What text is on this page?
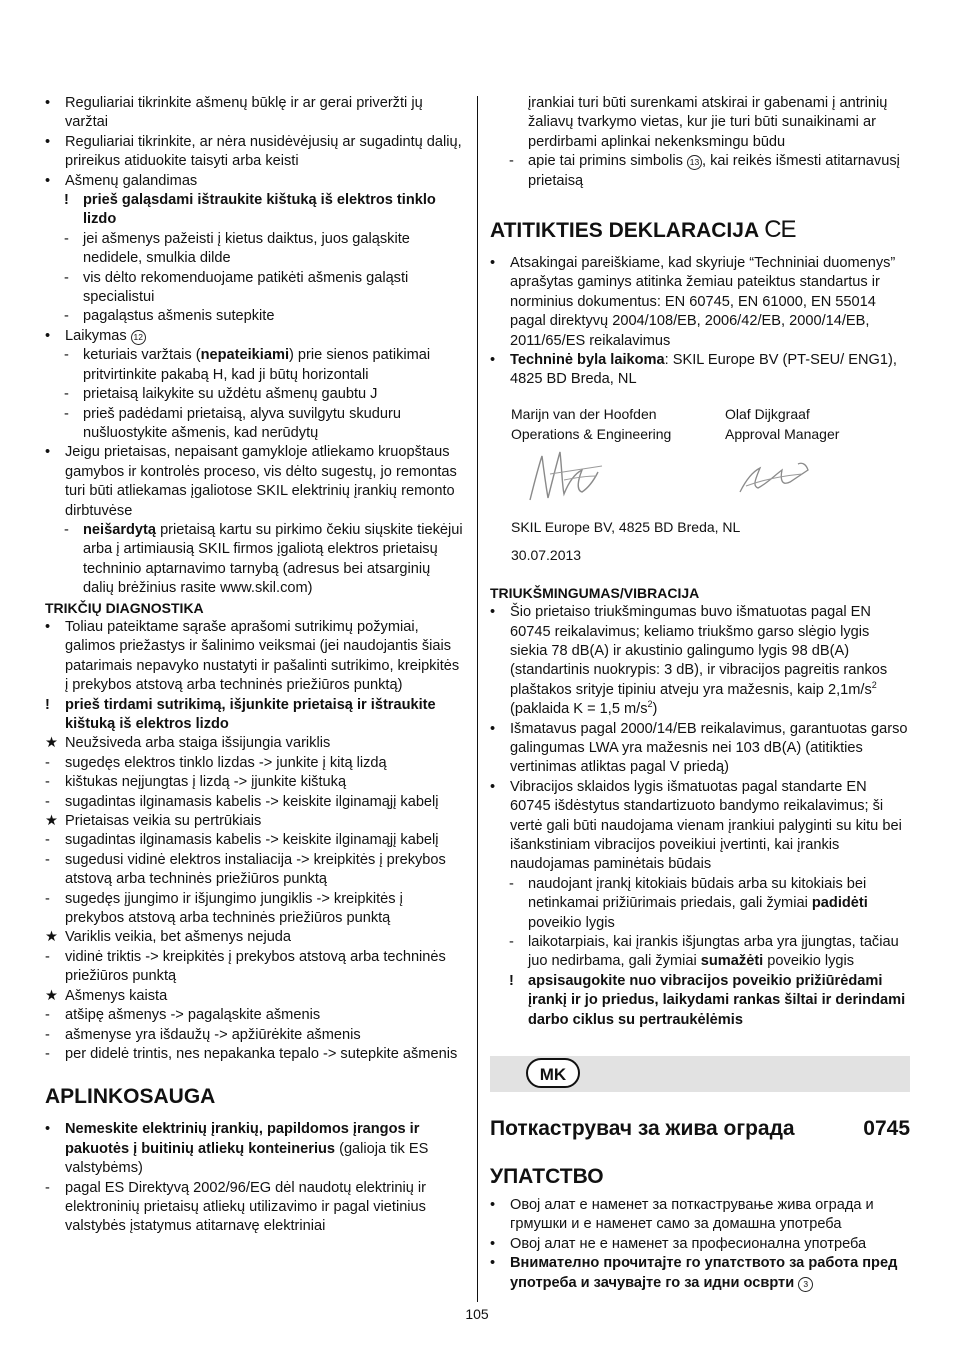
•	Reguliariai tikrinkite ašmenų būklę ir ar gerai priveržti jų varžtai
•	Reguliariai tikrinkite, ar nėra nusidėvėjusių ar sugadintų dalių, prireikus atiduokite taisyti arba keisti
•	Ašmenų galandimas
! prieš galąsdami ištraukite kištuką iš elektros tinklo lizdo
- jei ašmenys pažeisti į kietus daiktus, juos galąskite nedidele, smulkia dilde
- vis dėlto rekomenduojame patikėti ašmenis galąsti specialistui
- pagaląstus ašmenis sutepkite
•	Laikymas 12
- keturiais varžtais (nepateikiami) prie sienos patikimai pritvirtinkite pakabą H, kad ji būtų horizontali
- prietaisą laikykite su uždėtu ašmenų gaubtu J
- prieš padėdami prietaisą, alyva suvilgytu skuduru nušluostykite ašmenis, kad nerūdytų
•	Jeigu prietaisas, nepaisant gamykloje atliekamo kruopštaus gamybos ir kontrolės proceso, vis dėlto sugestų, jo remontas turi būti atliekamas įgaliotose SKIL elektrinių įrankių remonto dirbtuvėse
- neišardytą prietaisą kartu su pirkimo čekiu siųskite tiekėjui arba į artimiausią SKIL firmos įgaliotą elektros prietaisų techninio aptarnavimo tarnybą (adresus bei atsarginių dalių brėžinius rasite www.skil.com)
TRIKČIŲ DIAGNOSTIKA
•	Toliau pateiktame sąraše aprašomi sutrikimų požymiai, galimos priežastys ir šalinimo veiksmai (jei naudojantis šiais patarimais nepavyko nustatyti ir pašalinti sutrikimo, kreipkitės į prekybos atstovą arba techninės priežiūros punktą)
!	prieš tirdami sutrikimą, išjunkite prietaisą ir ištraukite kištuką iš elektros lizdo
★ Neužsiveda arba staiga išsijungia variklis
-	sugedęs elektros tinklo lizdas -> junkite į kitą lizdą
-	kištukas neįjungtas į lizdą -> įjunkite kištuką
-	sugadintas ilginamasis kabelis -> keiskite ilginamąjį kabelį
★ Prietaisas veikia su pertrūkiais
-	sugadintas ilginamasis kabelis -> keiskite ilginamąjį kabelį
-	sugedusi vidinė elektros instaliacija -> kreipkitės į prekybos atstovą arba techninės priežiūros punktą
-	sugedęs įjungimo ir išjungimo jungiklis -> kreipkitės į prekybos atstovą arba techninės priežiūros punktą
★ Variklis veikia, bet ašmenys nejuda
-	vidinė triktis -> kreipkitės į prekybos atstovą arba techninės priežiūros punktą
★ Ašmenys kaista
-	atšipę ašmenys -> pagaląskite ašmenis
-	ašmenyse yra išdaužų -> apžiūrėkite ašmenis
-	per didelė trintis, nes nepakanka tepalo -> sutepkite ašmenis
APLINKOSAUGA
•	Nemeskite elektrinių įrankių, papildomos įrangos ir pakuotės į buitinių atliekų konteinerius (galioja tik ES valstybėms)
-	pagal ES Direktyvą 2002/96/EG dėl naudotų elektrinių ir elektroninių prietaisų atliekų utilizavimo ir pagal vietinius valstybės įstatymus atitarnavę elektriniai
įrankiai turi būti surenkami atskirai ir gabenami į antrinių žaliavų tvarkymo vietas, kur jie turi būti sunaikinami ar perdirbami aplinkai nekenksmingu būdu
- apie tai primins simbolis 13 , kai reikės išmesti atitarnavusį prietaisą
ATITIKTIES DEKLARACIJA CE
•	Atsakingai pareiškiame, kad skyriuje “Techniniai duomenys” aprašytas gaminys atitinka žemiau pateiktus standartus ir norminius dokumentus: EN 60745, EN 61000, EN 55014 pagal direktyvų 2004/108/EB, 2006/42/EB, 2000/14/EB, 2011/65/ES reikalavimus
•	Techninė byla laikoma: SKIL Europe BV (PT-SEU/ ENG1), 4825 BD Breda, NL
Marijn van der Hoofden	Olaf Dijkgraaf
Operations & Engineering	Approval Manager
SKIL Europe BV, 4825 BD Breda, NL
30.07.2013
TRIUKŠMINGUMAS/VIBRACIJA
•	Šio prietaiso triukšmingumas buvo išmatuotas pagal EN 60745 reikalavimus; keliamo triukšmo garso slėgio lygis siekia 78 dB(A) ir akustinio galingumo lygis 98 dB(A) (standartinis nuokrypis: 3 dB), ir vibracijos pagreitis rankos plaštakos srityje tipiniu atveju yra mažesnis, kaip $2,1m/s^2$ (paklaida K = 1,5 $m/s^2$)
•	Išmatavus pagal 2000/14/EB reikalavimus, garantuotas garso galingumas LWA yra mažesnis nei 103 dB(A) (atitikties vertinimas atliktas pagal V priedą)
•	Vibracijos sklaidos lygis išmatuotas pagal standarte EN 60745 išdėstytus standartizuoto bandymo reikalavimus; ši vertė gali būti naudojama vienam įrankiui palyginti su kitu bei išankstiniam vibracijos poveikiui įvertinti, kai įrankis naudojamas paminėtais būdais
- naudojant įrankį kitokiais būdais arba su kitokiais bei netinkamai prižiūrimais priedais, gali žymiai padidėti poveikio lygis
- laikotarpiais, kai įrankis išjungtas arba yra įjungtas, tačiau juo nedirbama, gali žymiai sumažėti poveikio lygis
! apsisaugokite nuo vibracijos poveikio prižiūrėdami įrankį ir jo priedus, laikydami rankas šiltai ir derindami darbo ciklus su pertraukėlėmis
MK
Поткаструвач за жива ограда	0745
УПАТСТВО
•	Овој алат е наменет за поткастрување жива ограда и грмушки и е наменет само за домашна употреба
•	Овој алат не е наменет за професионална употреба
•	Внимателно прочитајте го упатството за работа пред употреба и зачувајте го за идни осврти 3
105
